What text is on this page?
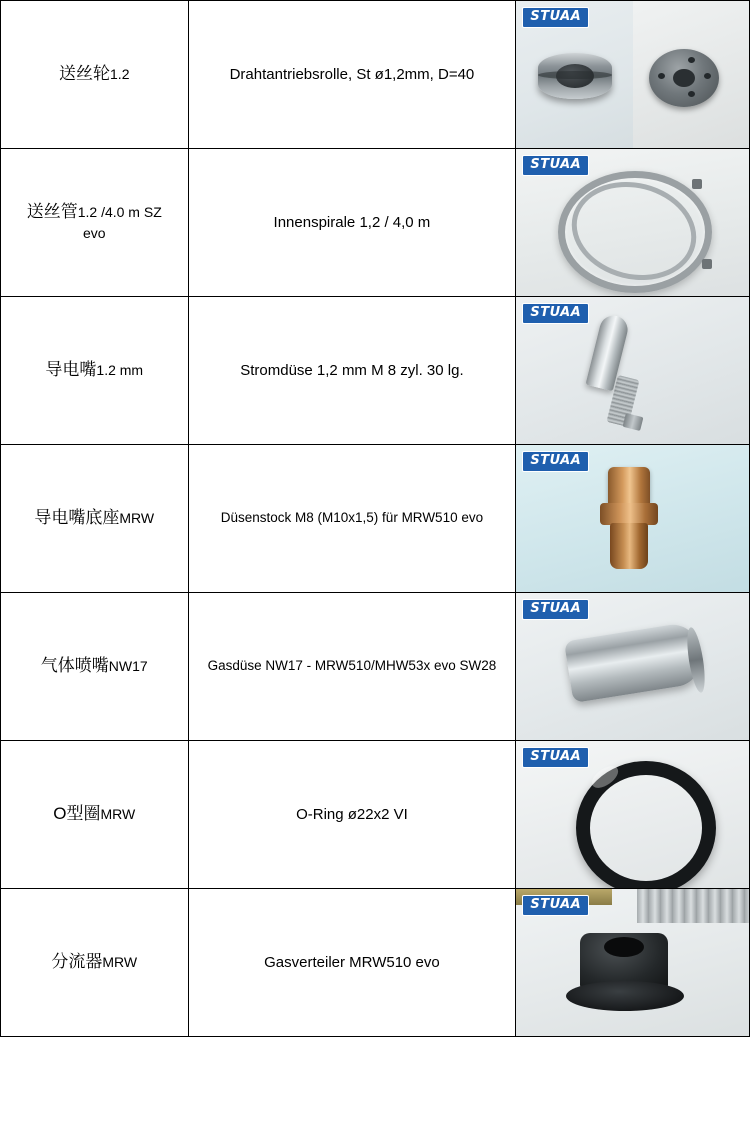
送丝轮1.2	Drahtantriebsrolle, St ø1,2mm, D=40	STUAA

送丝管1.2 /4.0 m SZ
evo	Innenspirale 1,2 / 4,0 m	STUAA

导电嘴1.2 mm	Stromdüse 1,2 mm M 8 zyl. 30 lg.	STUAA

导电嘴底座MRW	Düsenstock M8 (M10x1,5) für MRW510 evo	STUAA

气体喷嘴NW17	Gasdüse NW17 - MRW510/MHW53x evo SW28	STUAA

O型圈MRW	O-Ring ø22x2 VI	STUAA

分流器MRW	Gasverteiler MRW510 evo	STUAA
